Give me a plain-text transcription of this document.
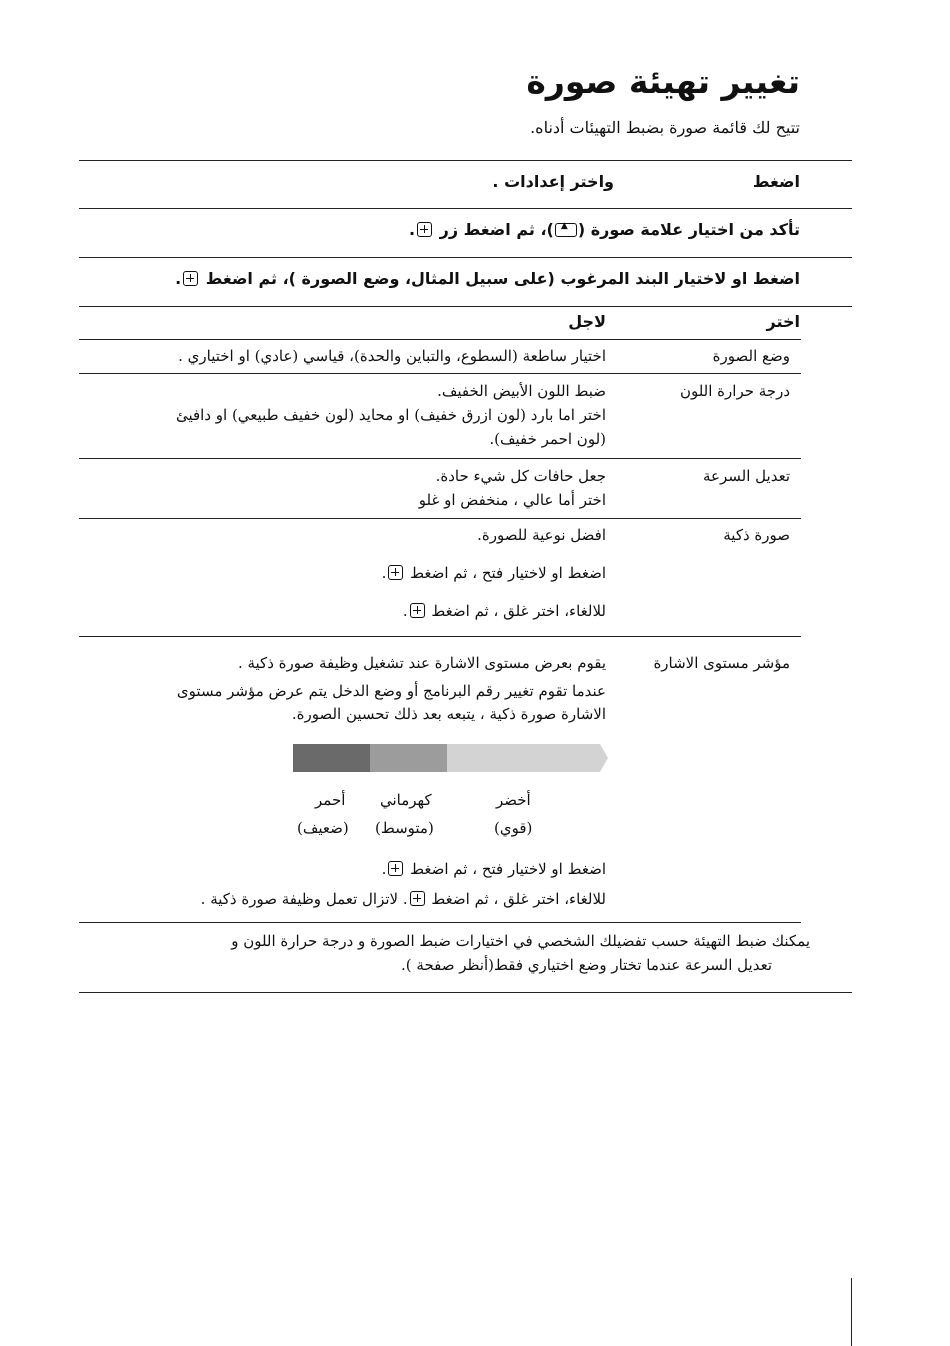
تغيير تهيئة صورة
تتيح لك قائمة صورة بضبط التهيئات أدناه.
اضغط
واختر إعدادات .
تأكد من اختيار علامة صورة (▲)، ثم اضغط زر .
اضغط او لاختيار البند المرغوب (على سبيل المثال، وضع الصورة )، ثم اضغط .
اختر
لاجل
وضع الصورة
اختيار ساطعة (السطوع، والتباين والحدة)، قياسي (عادي) او اختياري .
درجة حرارة اللون
ضبط اللون الأبيض الخفيف.
اختر اما بارد (لون ازرق خفيف) او محايد (لون خفيف طبيعي) او دافيئ
(لون احمر خفيف).
تعديل السرعة
جعل حافات كل شيء حادة.
اختر أما عالي ، منخفض او غلو
صورة ذكية
افضل نوعية للصورة.
اضغط او لاختيار فتح ، ثم اضغط .
للالغاء، اختر غلق ، ثم اضغط .
مؤشر مستوى الاشارة
يقوم بعرض مستوى الاشارة عند تشغيل وظيفة صورة ذكية .
عندما تقوم تغيير رقم البرنامج أو وضع الدخل يتم عرض مؤشر مستوى
الاشارة صورة ذكية ، يتبعه بعد ذلك تحسين الصورة.
أخضر
(قوي)
كهرماني
(متوسط)
أحمر
(ضعيف)
اضغط او لاختيار فتح ، ثم اضغط .
للالغاء، اختر غلق ، ثم اضغط . لاتزال تعمل وظيفة صورة ذكية .
يمكنك ضبط التهيئة حسب تفضيلك الشخصي في اختيارات ضبط الصورة و درجة حرارة اللون و
تعديل السرعة عندما تختار وضع اختياري فقط(أنظر صفحة ).
